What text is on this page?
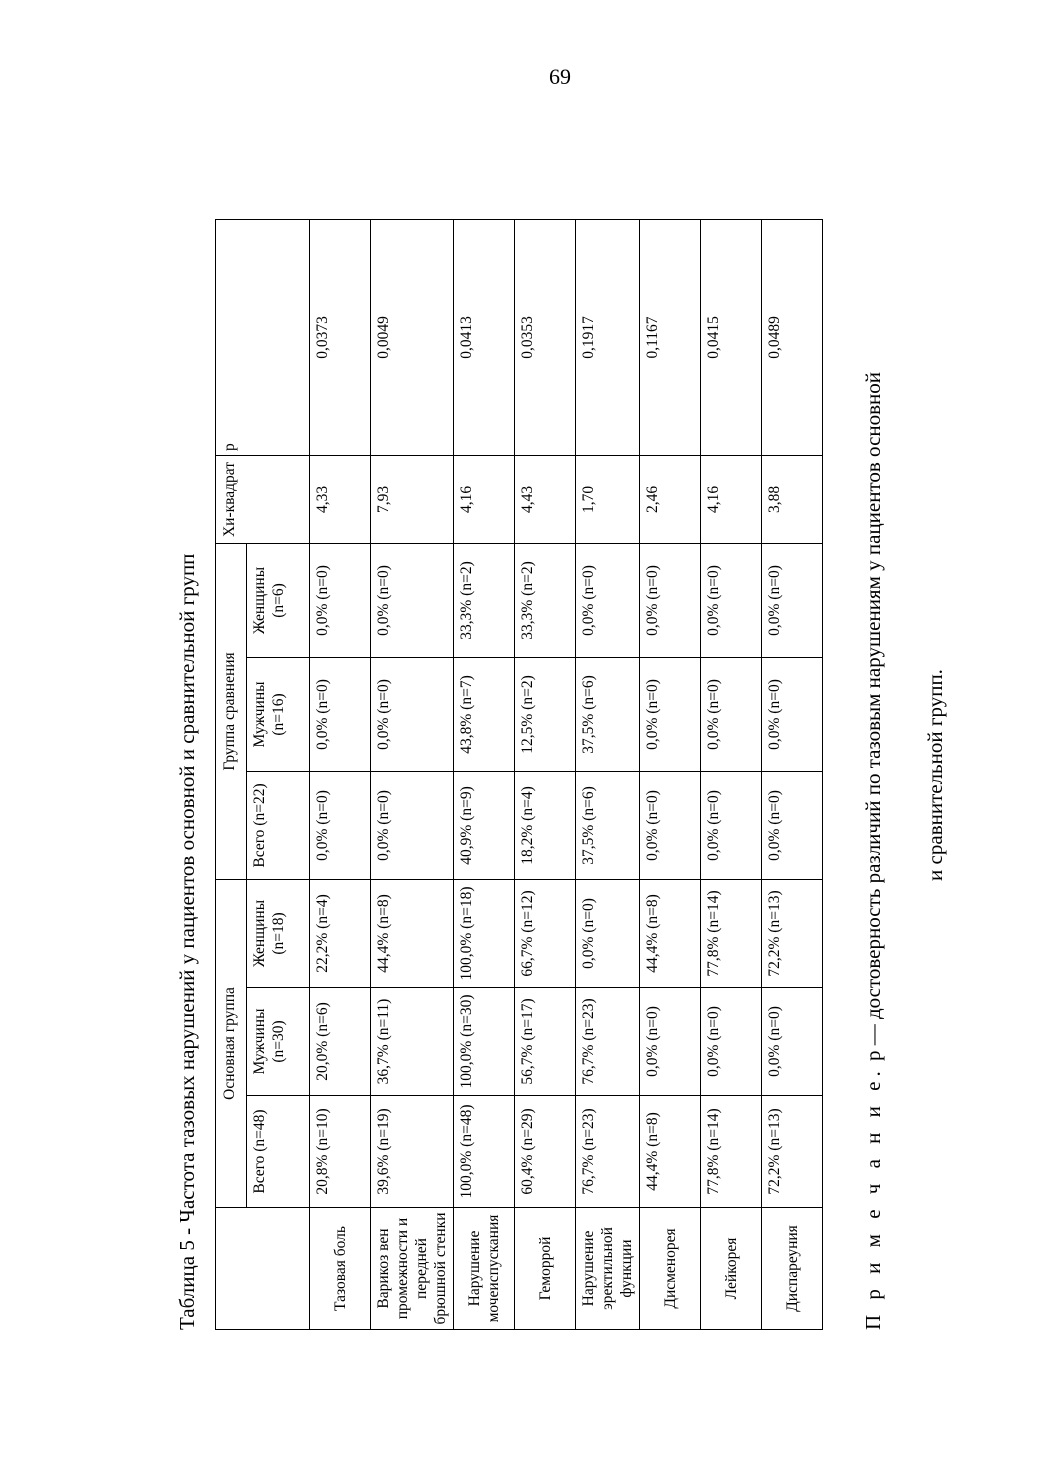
69
Таблица 5 - Частота тазовых нарушений у пациентов основной и сравнительной групп
	Основная группа			Группа сравнения			Хи-квадрат	р
	Всего (n=48)	Мужчины (n=30)	Женщины (n=18)	Всего (n=22)	Мужчины (n=16)	Женщины (n=6)		
Тазовая боль	20,8% (n=10)	20,0% (n=6)	22,2% (n=4)	0,0% (n=0)	0,0% (n=0)	0,0% (n=0)	4,33	0,0373
Варикоз вен промежности и передней брюшной стенки	39,6% (n=19)	36,7% (n=11)	44,4% (n=8)	0,0% (n=0)	0,0% (n=0)	0,0% (n=0)	7,93	0,0049
Нарушение мочеиспускания	100,0% (n=48)	100,0% (n=30)	100,0% (n=18)	40,9% (n=9)	43,8% (n=7)	33,3% (n=2)	4,16	0,0413
Геморрой	60,4% (n=29)	56,7% (n=17)	66,7% (n=12)	18,2% (n=4)	12,5% (n=2)	33,3% (n=2)	4,43	0,0353
Нарушение эректильной функции	76,7% (n=23)	76,7% (n=23)	0,0% (n=0)	37,5% (n=6)	37,5% (n=6)	0,0% (n=0)	1,70	0,1917
Дисменорея	44,4% (n=8)	0,0% (n=0)	44,4% (n=8)	0,0% (n=0)	0,0% (n=0)	0,0% (n=0)	2,46	0,1167
Лейкорея	77,8% (n=14)	0,0% (n=0)	77,8% (n=14)	0,0% (n=0)	0,0% (n=0)	0,0% (n=0)	4,16	0,0415
Диспареуния	72,2% (n=13)	0,0% (n=0)	72,2% (n=13)	0,0% (n=0)	0,0% (n=0)	0,0% (n=0)	3,88	0,0489
П р и м е ч а н и е. р — достоверность различий по тазовым нарушениям у пациентов основной и сравнительной групп.
